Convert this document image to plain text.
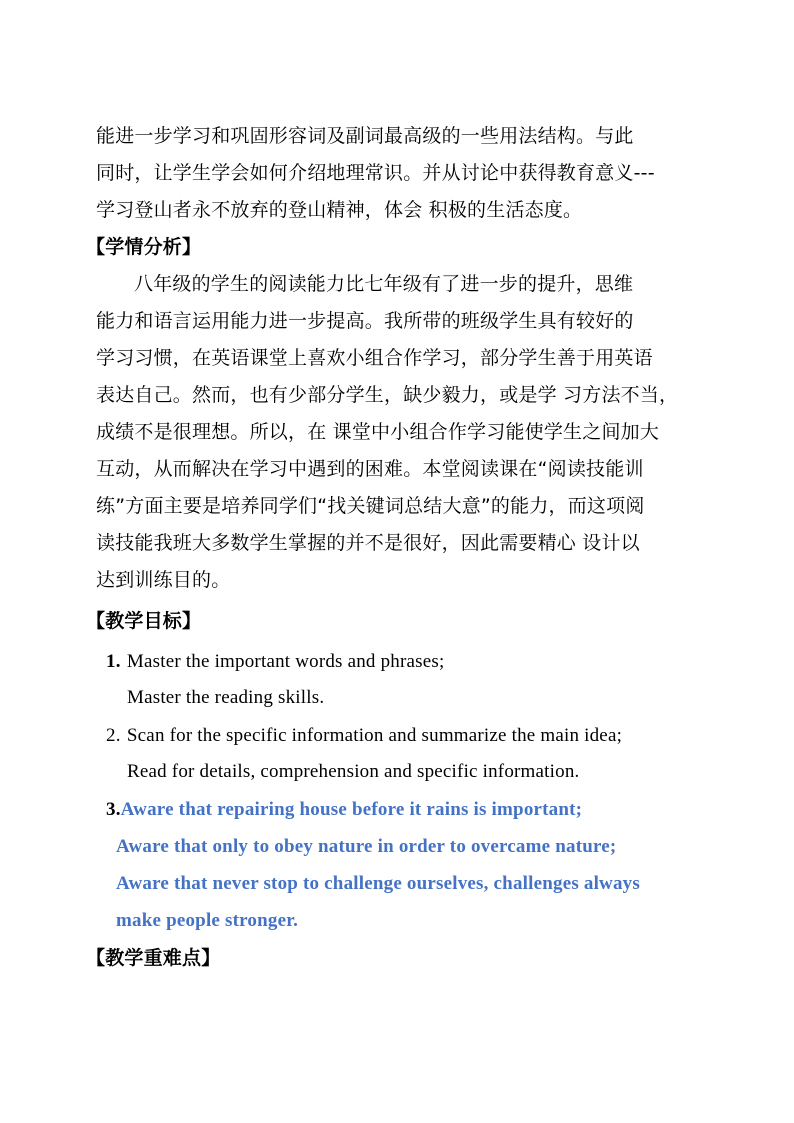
能进一步学习和巩固形容词及副词最高级的一些用法结构。与此
同时，让学生学会如何介绍地理常识。并从讨论中获得教育意义---
学习登山者永不放弃的登山精神，体会 积极的生活态度。
【学情分析】
八年级的学生的阅读能力比七年级有了进一步的提升，思维
能力和语言运用能力进一步提高。我所带的班级学生具有较好的
学习习惯，在英语课堂上喜欢小组合作学习，部分学生善于用英语
表达自己。然而，也有少部分学生，缺少毅力，或是学 习方法不当，
成绩不是很理想。所以，在 课堂中小组合作学习能使学生之间加大
互动，从而解决在学习中遇到的困难。本堂阅读课在“阅读技能训
练”方面主要是培养同学们“找关键词总结大意”的能力，而这项阅
读技能我班大多数学生掌握的并不是很好，因此需要精心 设计以
达到训练目的。
【教学目标】
1. Master the important words and phrases;
Master the reading skills.
2. Scan for the specific information and summarize the main idea;
Read for details, comprehension and specific information.
3.Aware that repairing house before it rains is important;
Aware that only to obey nature in order to overcame nature;
Aware that never stop to challenge ourselves, challenges always
make people stronger.
【教学重难点】
